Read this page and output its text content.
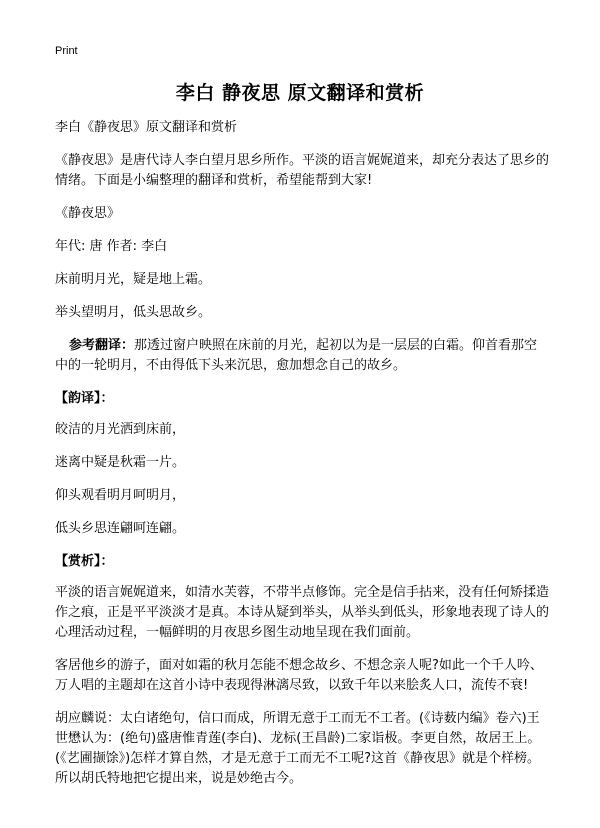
Print
李白 静夜思 原文翻译和赏析

李白《静夜思》原文翻译和赏析

《静夜思》是唐代诗人李白望月思乡所作。平淡的语言娓娓道来，却充分表达了思乡的情绪。下面是小编整理的翻译和赏析，希望能帮到大家!

《静夜思》

年代: 唐 作者: 李白

床前明月光，疑是地上霜。

举头望明月，低头思故乡。

参考翻译：那透过窗户映照在床前的月光，起初以为是一层层的白霜。仰首看那空中的一轮明月，不由得低下头来沉思，愈加想念自己的故乡。

【韵译】：

皎洁的月光洒到床前，

迷离中疑是秋霜一片。

仰头观看明月呵明月，

低头乡思连翩呵连翩。

【赏析】：

平淡的语言娓娓道来，如清水芙蓉，不带半点修饰。完全是信手拈来，没有任何矫揉造作之痕，正是平平淡淡才是真。本诗从疑到举头，从举头到低头，形象地表现了诗人的心理活动过程，一幅鲜明的月夜思乡图生动地呈现在我们面前。

客居他乡的游子，面对如霜的秋月怎能不想念故乡、不想念亲人呢?如此一个千人吟、万人唱的主题却在这首小诗中表现得淋漓尽致，以致千年以来脍炙人口，流传不衰!

胡应麟说：太白诸绝句，信口而成，所谓无意于工而无不工者。(《诗薮内编》卷六)王世懋认为：(绝句)盛唐惟青莲(李白)、龙标(王昌龄)二家诣极。李更自然，故居王上。(《艺圃撷馀》)怎样才算自然，才是无意于工而无不工呢?这首《静夜思》就是个样榜。所以胡氏特地把它提出来，说是妙绝古今。
